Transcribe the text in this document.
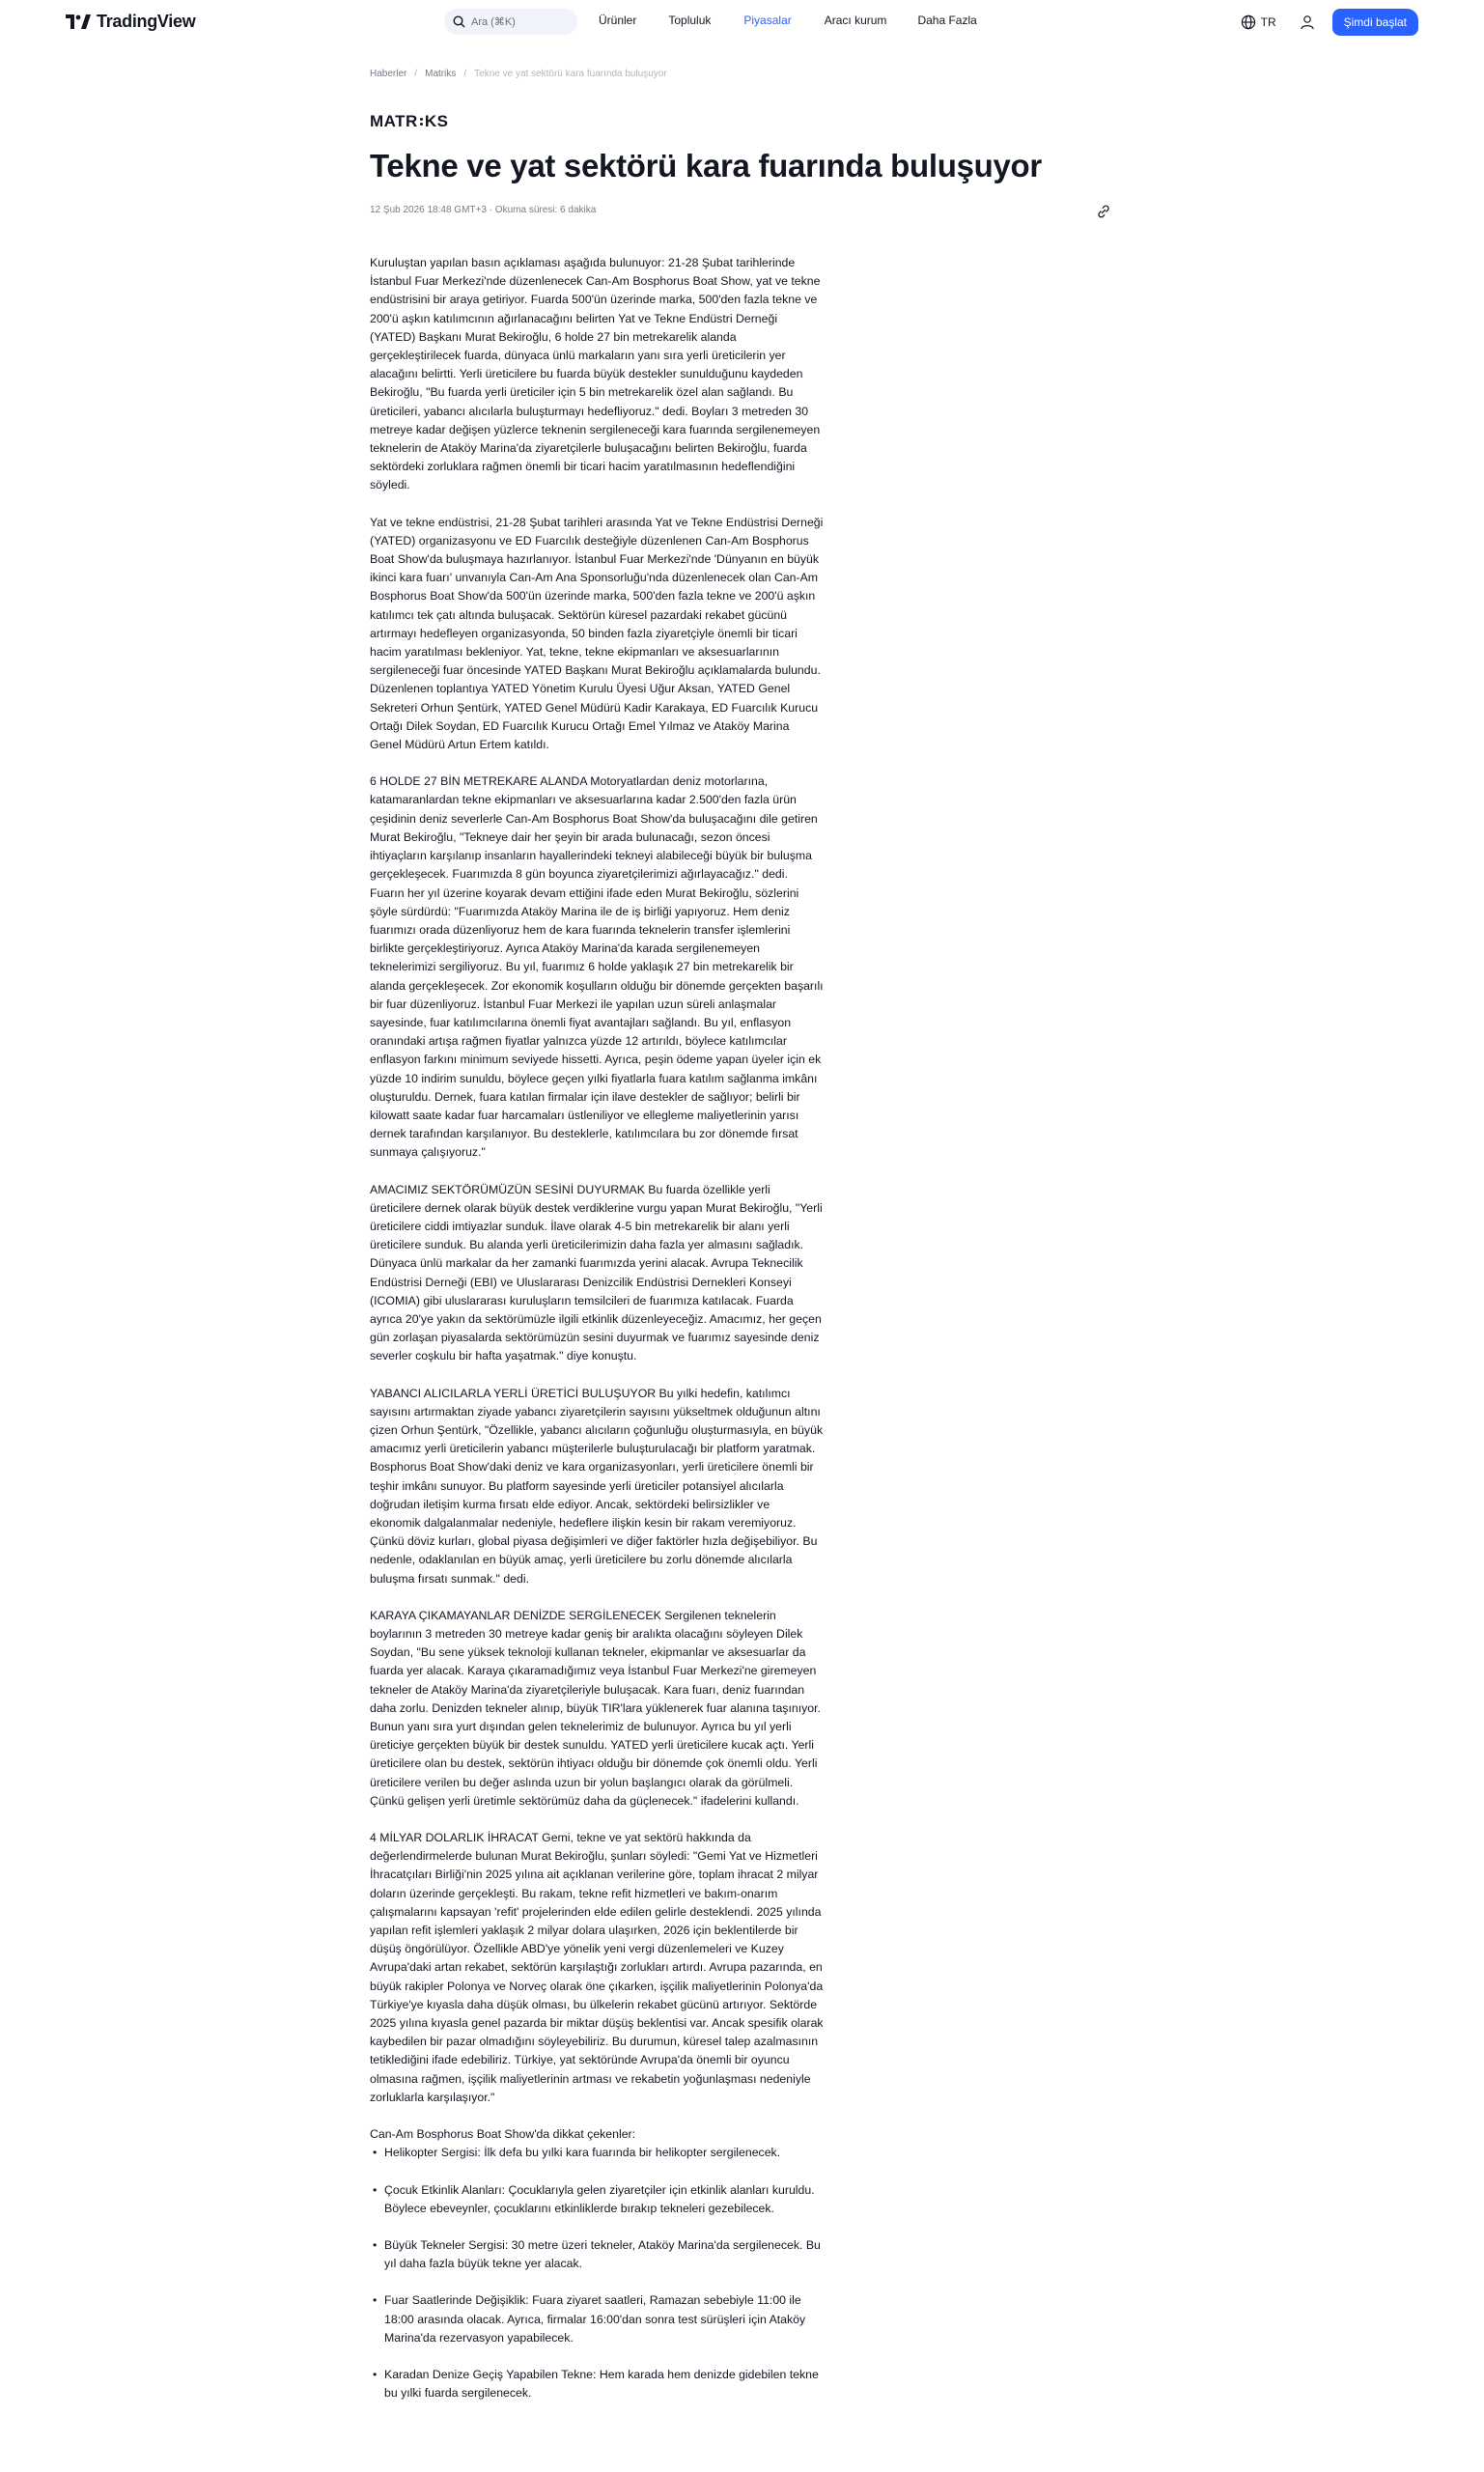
TradingView	Ara (⌘K)	Ürünler	Topluluk	Piyasalar	Aracı kurum	Daha Fazla	TR	Şimdi başlat
Haberler / Matriks / Tekne ve yat sektörü kara fuarında buluşuyor
MATR KS
Tekne ve yat sektörü kara fuarında buluşuyor
12 Şub 2026 18:48 GMT+3 · Okuma süresi: 6 dakika

Kuruluştan yapılan basın açıklaması aşağıda bulunuyor: 21-28 Şubat tarihlerinde İstanbul Fuar Merkezi'nde düzenlenecek Can-Am Bosphorus Boat Show, yat ve tekne endüstrisini bir araya getiriyor. Fuarda 500'ün üzerinde marka, 500'den fazla tekne ve 200'ü aşkın katılımcının ağırlanacağını belirten Yat ve Tekne Endüstri Derneği (YATED) Başkanı Murat Bekiroğlu, 6 holde 27 bin metrekarelik alanda gerçekleştirilecek fuarda, dünyaca ünlü markaların yanı sıra yerli üreticilerin yer alacağını belirtti. Yerli üreticilere bu fuarda büyük destekler sunulduğunu kaydeden Bekiroğlu, "Bu fuarda yerli üreticiler için 5 bin metrekarelik özel alan sağlandı. Bu üreticileri, yabancı alıcılarla buluşturmayı hedefliyoruz." dedi. Boyları 3 metreden 30 metreye kadar değişen yüzlerce teknenin sergileneceği kara fuarında sergilenemeyen teknelerin de Ataköy Marina'da ziyaretçilerle buluşacağını belirten Bekiroğlu, fuarda sektördeki zorluklara rağmen önemli bir ticari hacim yaratılmasının hedeflendiğini söyledi.

Yat ve tekne endüstrisi, 21-28 Şubat tarihleri arasında Yat ve Tekne Endüstrisi Derneği (YATED) organizasyonu ve ED Fuarcılık desteğiyle düzenlenen Can-Am Bosphorus Boat Show'da buluşmaya hazırlanıyor. İstanbul Fuar Merkezi'nde 'Dünyanın en büyük ikinci kara fuarı' unvanıyla Can-Am Ana Sponsorluğu'nda düzenlenecek olan Can-Am Bosphorus Boat Show'da 500'ün üzerinde marka, 500'den fazla tekne ve 200'ü aşkın katılımcı tek çatı altında buluşacak. Sektörün küresel pazardaki rekabet gücünü artırmayı hedefleyen organizasyonda, 50 binden fazla ziyaretçiyle önemli bir ticari hacim yaratılması bekleniyor. Yat, tekne, tekne ekipmanları ve aksesuarlarının sergileneceği fuar öncesinde YATED Başkanı Murat Bekiroğlu açıklamalarda bulundu. Düzenlenen toplantıya YATED Yönetim Kurulu Üyesi Uğur Aksan, YATED Genel Sekreteri Orhun Şentürk, YATED Genel Müdürü Kadir Karakaya, ED Fuarcılık Kurucu Ortağı Dilek Soydan, ED Fuarcılık Kurucu Ortağı Emel Yılmaz ve Ataköy Marina Genel Müdürü Artun Ertem katıldı.

6 HOLDE 27 BİN METREKARE ALANDA Motoryatlardan deniz motorlarına, katamaranlardan tekne ekipmanları ve aksesuarlarına kadar 2.500'den fazla ürün çeşidinin deniz severlerle Can-Am Bosphorus Boat Show'da buluşacağını dile getiren Murat Bekiroğlu, "Tekneye dair her şeyin bir arada bulunacağı, sezon öncesi ihtiyaçların karşılanıp insanların hayallerindeki tekneyi alabileceği büyük bir buluşma gerçekleşecek. Fuarımızda 8 gün boyunca ziyaretçilerimizi ağırlayacağız." dedi. Fuarın her yıl üzerine koyarak devam ettiğini ifade eden Murat Bekiroğlu, sözlerini şöyle sürdürdü: "Fuarımızda Ataköy Marina ile de iş birliği yapıyoruz. Hem deniz fuarımızı orada düzenliyoruz hem de kara fuarında teknelerin transfer işlemlerini birlikte gerçekleştiriyoruz. Ayrıca Ataköy Marina'da karada sergilenemeyen teknelerimizi sergiliyoruz. Bu yıl, fuarımız 6 holde yaklaşık 27 bin metrekarelik bir alanda gerçekleşecek. Zor ekonomik koşulların olduğu bir dönemde gerçekten başarılı bir fuar düzenliyoruz. İstanbul Fuar Merkezi ile yapılan uzun süreli anlaşmalar sayesinde, fuar katılımcılarına önemli fiyat avantajları sağlandı. Bu yıl, enflasyon oranındaki artışa rağmen fiyatlar yalnızca yüzde 12 artırıldı, böylece katılımcılar enflasyon farkını minimum seviyede hissetti. Ayrıca, peşin ödeme yapan üyeler için ek yüzde 10 indirim sunuldu, böylece geçen yılki fiyatlarla fuara katılım sağlanma imkânı oluşturuldu. Dernek, fuara katılan firmalar için ilave destekler de sağlıyor; belirli bir kilowatt saate kadar fuar harcamaları üstleniliyor ve ellegleme maliyetlerinin yarısı dernek tarafından karşılanıyor. Bu desteklerle, katılımcılara bu zor dönemde fırsat sunmaya çalışıyoruz."

AMACIMIZ SEKTÖRÜMÜZÜN SESİNİ DUYURMAK Bu fuarda özellikle yerli üreticilere dernek olarak büyük destek verdiklerine vurgu yapan Murat Bekiroğlu, "Yerli üreticilere ciddi imtiyazlar sunduk. İlave olarak 4-5 bin metrekarelik bir alanı yerli üreticilere sunduk. Bu alanda yerli üreticilerimizin daha fazla yer almasını sağladık. Dünyaca ünlü markalar da her zamanki fuarımızda yerini alacak. Avrupa Teknecilik Endüstrisi Derneği (EBI) ve Uluslararası Denizcilik Endüstrisi Dernekleri Konseyi (ICOMIA) gibi uluslararası kuruluşların temsilcileri de fuarımıza katılacak. Fuarda ayrıca 20'ye yakın da sektörümüzle ilgili etkinlik düzenleyeceğiz. Amacımız, her geçen gün zorlaşan piyasalarda sektörümüzün sesini duyurmak ve fuarımız sayesinde deniz severler coşkulu bir hafta yaşatmak." diye konuştu.

YABANCI ALICILARLA YERLİ ÜRETİCİ BULUŞUYOR Bu yılki hedefin, katılımcı sayısını artırmaktan ziyade yabancı ziyaretçilerin sayısını yükseltmek olduğunun altını çizen Orhun Şentürk, "Özellikle, yabancı alıcıların çoğunluğu oluşturmasıyla, en büyük amacımız yerli üreticilerin yabancı müşterilerle buluşturulacağı bir platform yaratmak. Bosphorus Boat Show'daki deniz ve kara organizasyonları, yerli üreticilere önemli bir teşhir imkânı sunuyor. Bu platform sayesinde yerli üreticiler potansiyel alıcılarla doğrudan iletişim kurma fırsatı elde ediyor. Ancak, sektördeki belirsizlikler ve ekonomik dalgalanmalar nedeniyle, hedeflere ilişkin kesin bir rakam veremiyoruz. Çünkü döviz kurları, global piyasa değişimleri ve diğer faktörler hızla değişebiliyor. Bu nedenle, odaklanılan en büyük amaç, yerli üreticilere bu zorlu dönemde alıcılarla buluşma fırsatı sunmak." dedi.

KARAYA ÇIKAMAYANLAR DENİZDE SERGİLENECEK Sergilenen teknelerin boylarının 3 metreden 30 metreye kadar geniş bir aralıkta olacağını söyleyen Dilek Soydan, "Bu sene yüksek teknoloji kullanan tekneler, ekipmanlar ve aksesuarlar da fuarda yer alacak. Karaya çıkaramadığımız veya İstanbul Fuar Merkezi'ne giremeyen tekneler de Ataköy Marina'da ziyaretçileriyle buluşacak. Kara fuarı, deniz fuarından daha zorlu. Denizden tekneler alınıp, büyük TIR'lara yüklenerek fuar alanına taşınıyor. Bunun yanı sıra yurt dışından gelen teknelerimiz de bulunuyor. Ayrıca bu yıl yerli üreticiye gerçekten büyük bir destek sunuldu. YATED yerli üreticilere kucak açtı. Yerli üreticilere olan bu destek, sektörün ihtiyacı olduğu bir dönemde çok önemli oldu. Yerli üreticilere verilen bu değer aslında uzun bir yolun başlangıcı olarak da görülmeli. Çünkü gelişen yerli üretimle sektörümüz daha da güçlenecek." ifadelerini kullandı.

4 MİLYAR DOLARLIK İHRACAT Gemi, tekne ve yat sektörü hakkında da değerlendirmelerde bulunan Murat Bekiroğlu, şunları söyledi: "Gemi Yat ve Hizmetleri İhracatçıları Birliği'nin 2025 yılına ait açıklanan verilerine göre, toplam ihracat 2 milyar doların üzerinde gerçekleşti. Bu rakam, tekne refit hizmetleri ve bakım-onarım çalışmalarını kapsayan 'refit' projelerinden elde edilen gelirle desteklendi. 2025 yılında yapılan refit işlemleri yaklaşık 2 milyar dolara ulaşırken, 2026 için beklentilerde bir düşüş öngörülüyor. Özellikle ABD'ye yönelik yeni vergi düzenlemeleri ve Kuzey Avrupa'daki artan rekabet, sektörün karşılaştığı zorlukları artırdı. Avrupa pazarında, en büyük rakipler Polonya ve Norveç olarak öne çıkarken, işçilik maliyetlerinin Polonya'da Türkiye'ye kıyasla daha düşük olması, bu ülkelerin rekabet gücünü artırıyor. Sektörde 2025 yılına kıyasla genel pazarda bir miktar düşüş beklentisi var. Ancak spesifik olarak kaybedilen bir pazar olmadığını söyleyebiliriz. Bu durumun, küresel talep azalmasının tetiklediğini ifade edebiliriz. Türkiye, yat sektöründe Avrupa'da önemli bir oyuncu olmasına rağmen, işçilik maliyetlerinin artması ve rekabetin yoğunlaşması nedeniyle zorluklarla karşılaşıyor."

Can-Am Bosphorus Boat Show'da dikkat çekenler:

• Helikopter Sergisi: İlk defa bu yılki kara fuarında bir helikopter sergilenecek.
• Çocuk Etkinlik Alanları: Çocuklarıyla gelen ziyaretçiler için etkinlik alanları kuruldu. Böylece ebeveynler, çocuklarını etkinliklerde bırakıp tekneleri gezebilecek.
• Büyük Tekneler Sergisi: 30 metre üzeri tekneler, Ataköy Marina'da sergilenecek. Bu yıl daha fazla büyük tekne yer alacak.
• Fuar Saatlerinde Değişiklik: Fuara ziyaret saatleri, Ramazan sebebiyle 11:00 ile 18:00 arasında olacak. Ayrıca, firmalar 16:00'dan sonra test sürüşleri için Ataköy Marina'da rezervasyon yapabilecek.
• Karadan Denize Geçiş Yapabilen Tekne: Hem karada hem denizde gidebilen tekne bu yılki fuarda sergilenecek.
